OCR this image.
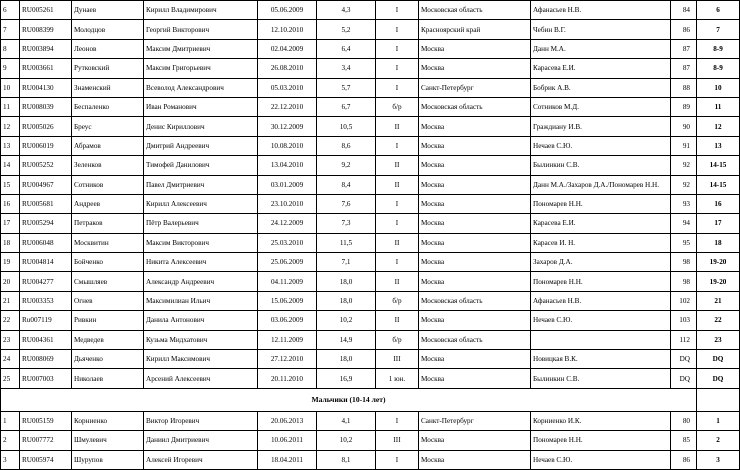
6	RU005261	Дунаев	Кирилл Владимирович	05.06.2009	4,3	I	Московская область	Афанасьев Н.В.	84	6
7	RU008399	Молодцов	Георгий Викторович	12.10.2010	5,2	I	Красноярский край	Чебин В.Г.	86	7
8	RU003894	Леонов	Максим Дмитриевич	02.04.2009	6,4	I	Москва	Данн М.А.	87	8-9
9	RU003661	Рутковский	Максим Григорьевич	26.08.2010	3,4	I	Москва	Карасева Е.И.	87	8-9
10	RU004130	Знаменский	Всеволод Александрович	05.03.2010	5,7	I	Санкт-Петербург	Бобрик А.В.	88	10
11	RU008039	Беспаленко	Иван Романович	22.12.2010	6,7	б/р	Московская область	Сотников М.Д.	89	11
12	RU005026	Бреус	Денис Кириллович	30.12.2009	10,5	II	Москва	Граждиану И.В.	90	12
13	RU006019	Абрамов	Дмитрий Андреевич	10.08.2010	8,6	I	Москва	Нечаев С.Ю.	91	13
14	RU005252	Зеленков	Тимофей Данилович	13.04.2010	9,2	II	Москва	Былинкин С.В.	92	14-15
15	RU004967	Сотников	Павел Дмитриевич	03.01.2009	8,4	II	Москва	Данн М.А./Захаров Д.А./Пономарев Н.Н.	92	14-15
16	RU005681	Андреев	Кирилл Алексеевич	23.10.2010	7,6	I	Москва	Пономарев Н.Н.	93	16
17	RU005294	Петраков	Пётр Валерьевич	24.12.2009	7,3	I	Москва	Карасева Е.И.	94	17
18	RU006048	Москвитин	Максим Викторович	25.03.2010	11,5	II	Москва	Карасев И. Н.	95	18
19	RU004814	Бойченко	Никита Алексеевич	25.06.2009	7,1	I	Москва	Захаров Д.А.	98	19-20
20	RU004277	Смышляев	Александр Андреевич	04.11.2009	18,0	II	Москва	Пономарев Н.Н.	98	19-20
21	RU003353	Огнев	Максимилиан Ильич	15.06.2009	18,0	б/р	Московская область	Афанасьев Н.В.	102	21
22	Ru007119	Ривкин	Данила Антонович	03.06.2009	10,2	II	Москва	Нечаев С.Ю.	103	22
23	RU004361	Медведев	Кузьма Мидхатович	12.11.2009	14,9	б/р	Московская область		112	23
24	RU008069	Дьяченко	Кирилл Максимович	27.12.2010	18,0	III	Москва	Новицкая В.К.	DQ	DQ
25	RU007003	Николаев	Арсений Алексеевич	20.11.2010	16,9	1 юн.	Москва	Былинкин С.В.	DQ	DQ
Мальчики (10-14 лет)										
1	RU005159	Корниенко	Виктор Игоревич	20.06.2013	4,1	I	Санкт-Петербург	Корниенко И.К.	80	1
2	RU007772	Шмулевич	Даниил Дмитриевич	10.06.2011	10,2	III	Москва	Пономарев Н.Н.	85	2
3	RU005974	Шурупов	Алексей Игоревич	18.04.2011	8,1	I	Москва	Нечаев С.Ю.	86	3
